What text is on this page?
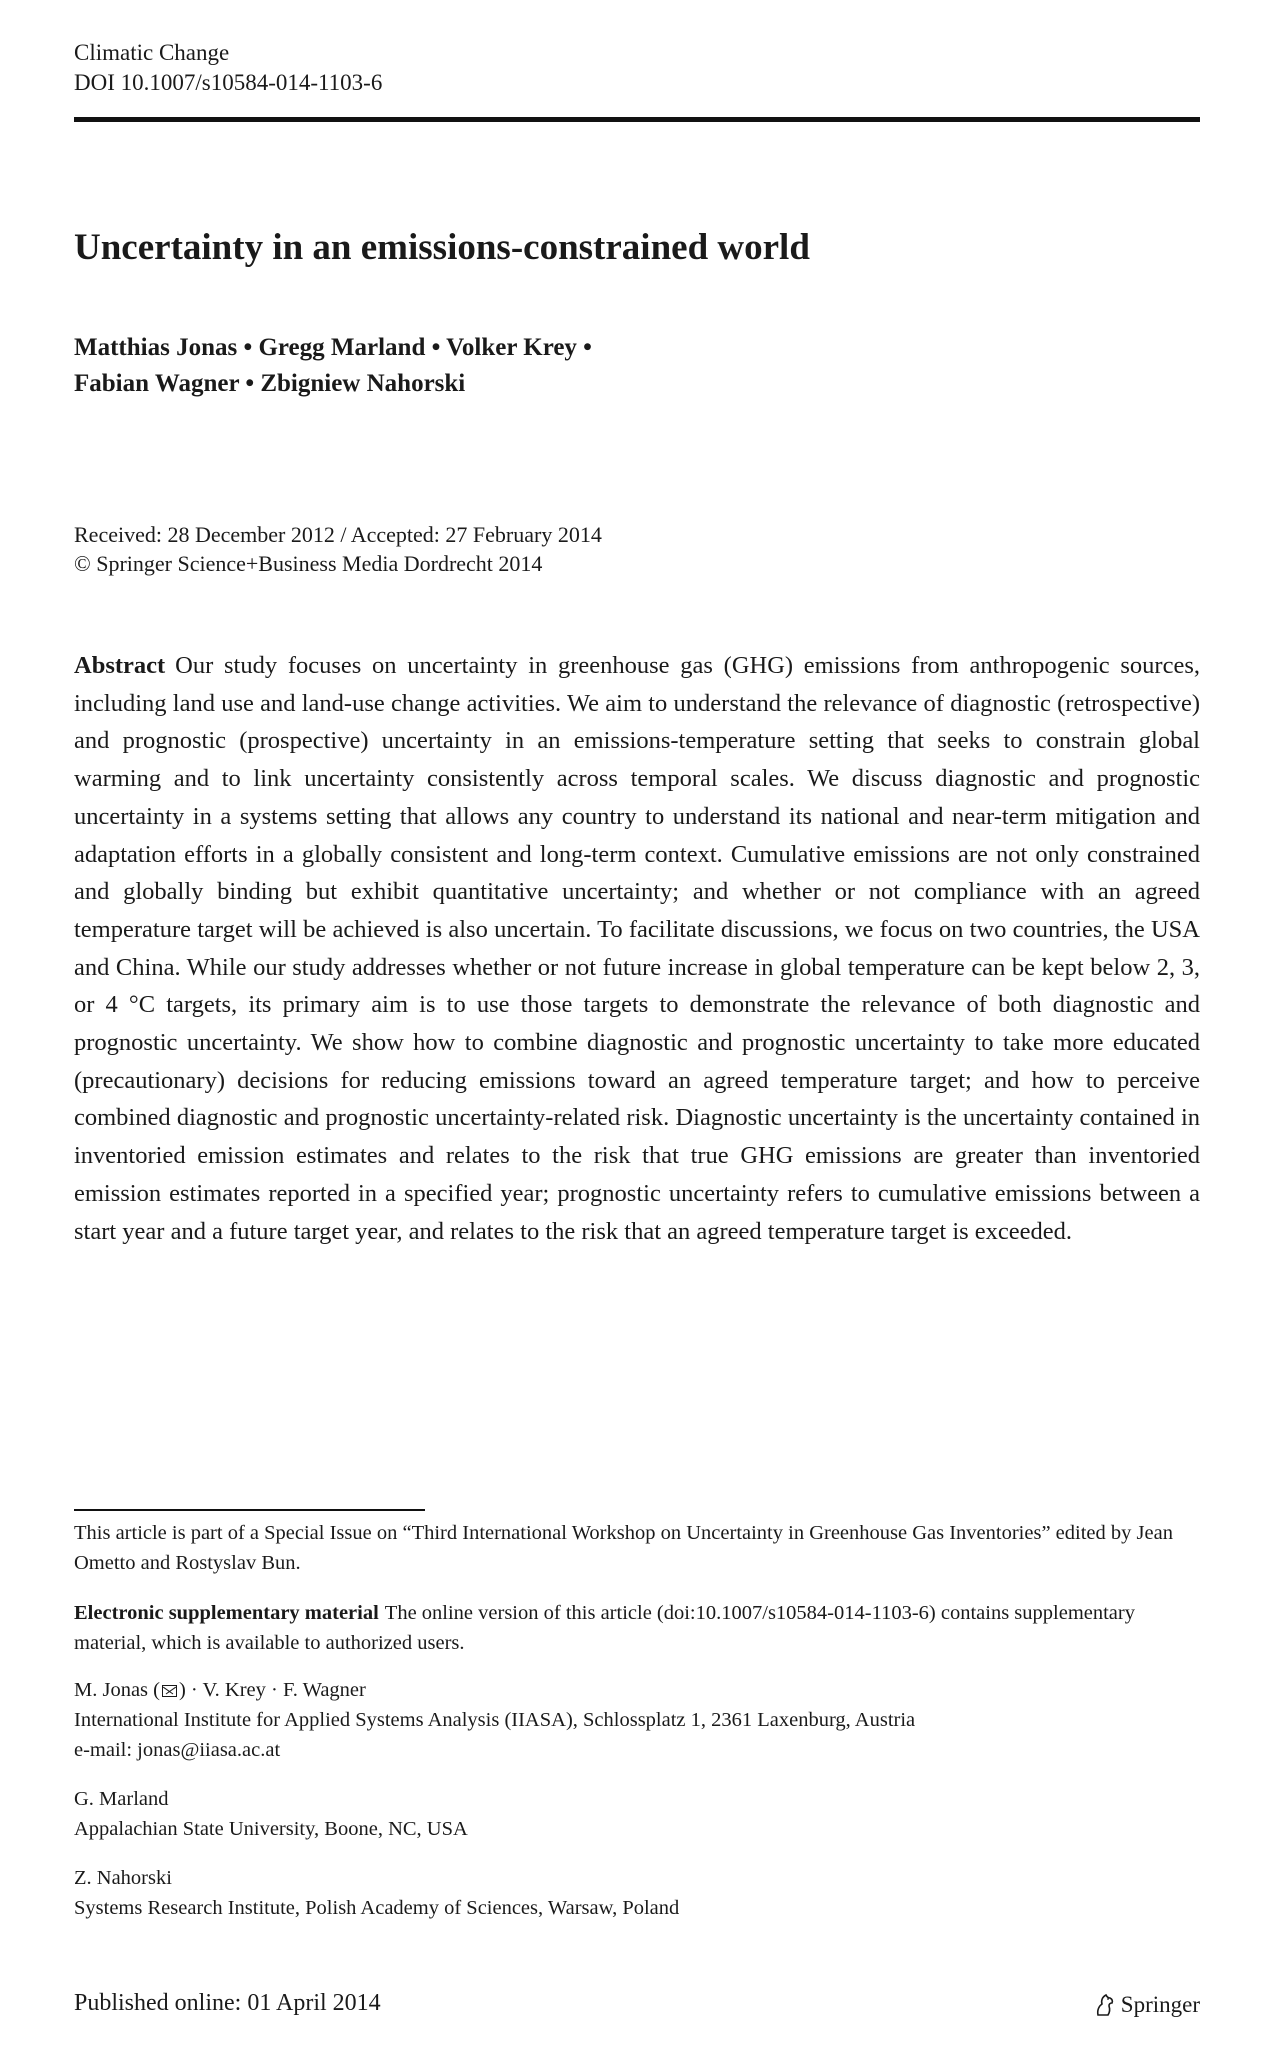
Climatic Change
DOI 10.1007/s10584-014-1103-6
Uncertainty in an emissions-constrained world
Matthias Jonas • Gregg Marland • Volker Krey •
Fabian Wagner • Zbigniew Nahorski
Received: 28 December 2012 / Accepted: 27 February 2014
© Springer Science+Business Media Dordrecht 2014

Abstract Our study focuses on uncertainty in greenhouse gas (GHG) emissions from anthropogenic sources, including land use and land-use change activities. We aim to understand the relevance of diagnostic (retrospective) and prognostic (prospective) uncertainty in an emissions-temperature setting that seeks to constrain global warming and to link uncertainty consistently across temporal scales. We discuss diagnostic and prognostic uncertainty in a systems setting that allows any country to understand its national and near-term mitigation and adaptation efforts in a globally consistent and long-term context. Cumulative emissions are not only constrained and globally binding but exhibit quantitative uncertainty; and whether or not compliance with an agreed temperature target will be achieved is also uncertain. To facilitate discussions, we focus on two countries, the USA and China. While our study addresses whether or not future increase in global temperature can be kept below 2, 3, or 4 °C targets, its primary aim is to use those targets to demonstrate the relevance of both diagnostic and prognostic uncertainty. We show how to combine diagnostic and prognostic uncertainty to take more educated (precautionary) decisions for reducing emissions toward an agreed temperature target; and how to perceive combined diagnostic and prognostic uncertainty-related risk. Diagnostic uncertainty is the uncertainty contained in inventoried emission estimates and relates to the risk that true GHG emissions are greater than inventoried emission estimates reported in a specified year; prognostic uncertainty refers to cumulative emissions between a start year and a future target year, and relates to the risk that an agreed temperature target is exceeded.

This article is part of a Special Issue on “Third International Workshop on Uncertainty in Greenhouse Gas Inventories” edited by Jean Ometto and Rostyslav Bun.

Electronic supplementary material The online version of this article (doi:10.1007/s10584-014-1103-6) contains supplementary material, which is available to authorized users.

M. Jonas ( ) · V. Krey · F. Wagner
International Institute for Applied Systems Analysis (IIASA), Schlossplatz 1, 2361 Laxenburg, Austria
e-mail: jonas@iiasa.ac.at
G. Marland
Appalachian State University, Boone, NC, USA
Z. Nahorski
Systems Research Institute, Polish Academy of Sciences, Warsaw, Poland
Published online: 01 April 2014	Springer
